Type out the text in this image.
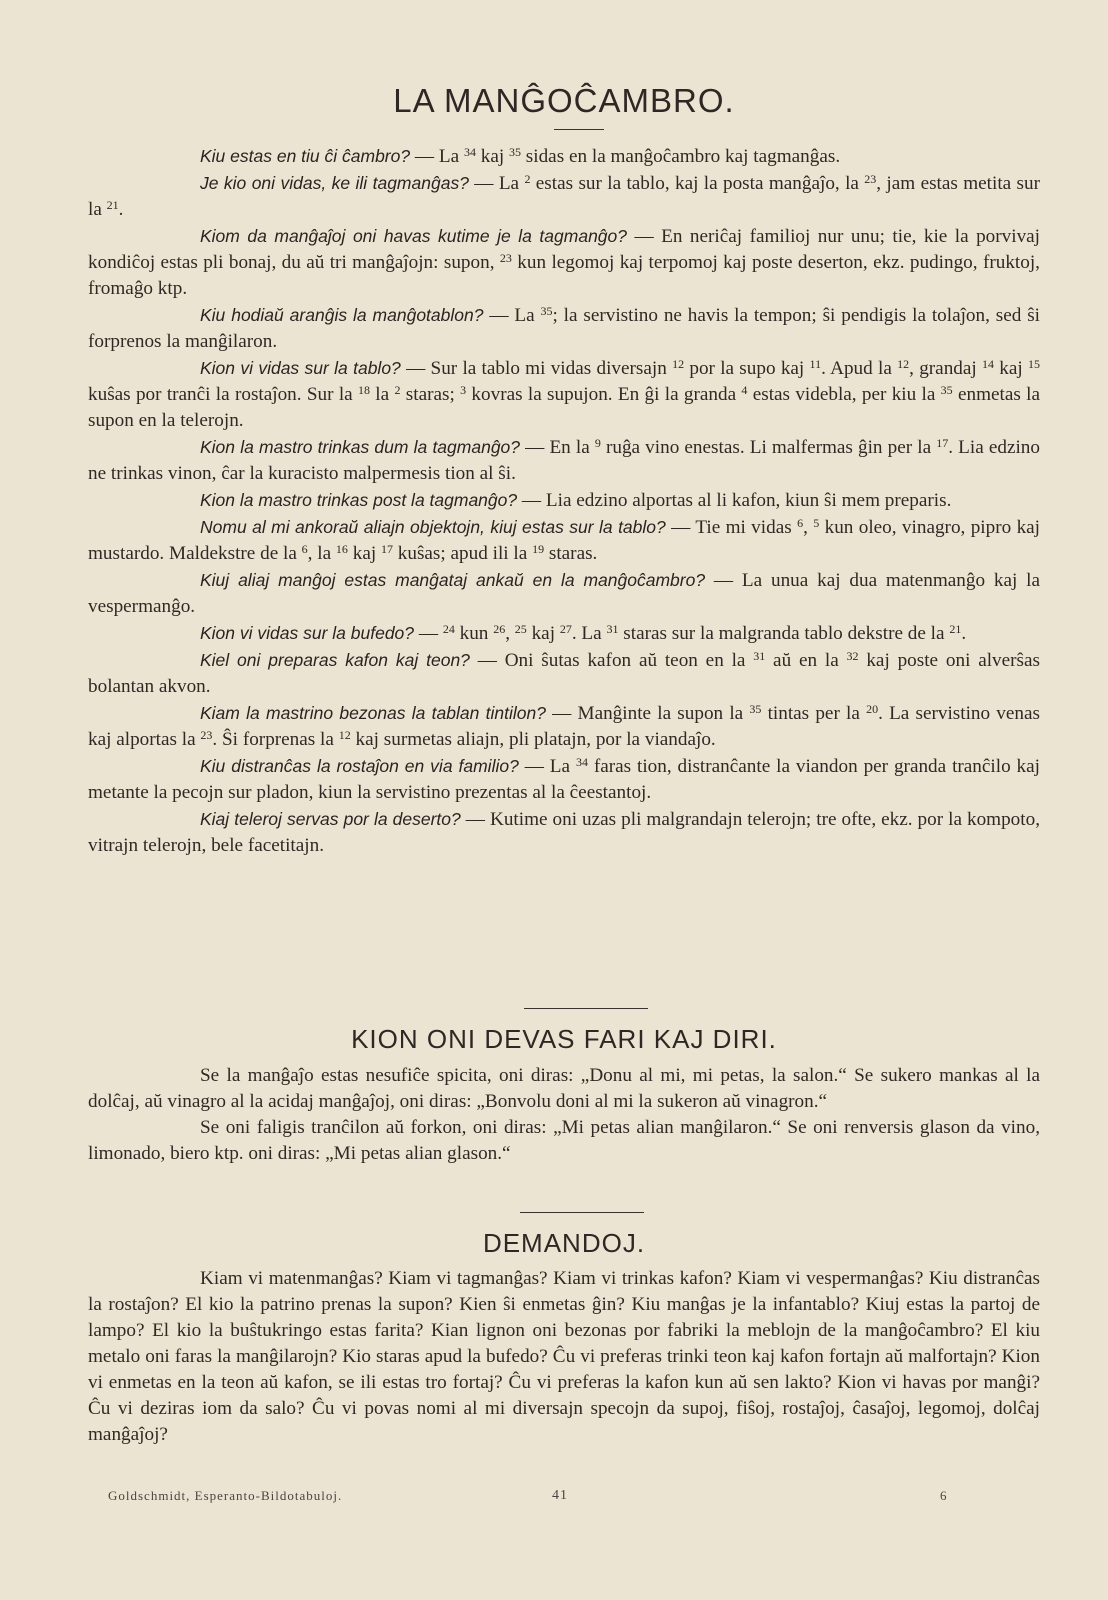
LA MANĜOĈAMBRO.

Kiu estas en tiu ĉi ĉambro? — La $^{34}$ kaj $^{35}$ sidas en la manĝoĉambro kaj tagmanĝas.

Je kio oni vidas, ke ili tagmanĝas? — La $^2$ estas sur la tablo, kaj la posta manĝaĵo, la $^{23}$, jam estas metita sur la $^{21}$.

Kiom da manĝaĵoj oni havas kutime je la tagmanĝo? — En neriĉaj familioj nur unu; tie, kie la porvivaj kondiĉoj estas pli bonaj, du aŭ tri manĝaĵojn: supon, $^{23}$ kun legomoj kaj terpomoj kaj poste deserton, ekz. pudingo, fruktoj, fromaĝo ktp.

Kiu hodiaŭ aranĝis la manĝotablon? — La $^{35}$; la servistino ne havis la tempon; ŝi pendigis la tolaĵon, sed ŝi forprenos la manĝilaron.

Kion vi vidas sur la tablo? — Sur la tablo mi vidas diversajn $^{12}$ por la supo kaj $^{11}$. Apud la $^{12}$, grandaj $^{14}$ kaj $^{15}$ kuŝas por tranĉi la rostaĵon. Sur la $^{18}$ la $^2$ staras; $^3$ kovras la supujon. En ĝi la granda $^4$ estas videbla, per kiu la $^{35}$ enmetas la supon en la telerojn.

Kion la mastro trinkas dum la tagmanĝo? — En la $^9$ ruĝa vino enestas. Li malfermas ĝin per la $^{17}$. Lia edzino ne trinkas vinon, ĉar la kuracisto malpermesis tion al ŝi.

Kion la mastro trinkas post la tagmanĝo? — Lia edzino alportas al li kafon, kiun ŝi mem preparis.

Nomu al mi ankoraŭ aliajn objektojn, kiuj estas sur la tablo? — Tie mi vidas $^6$, $^5$ kun oleo, vinagro, pipro kaj mustardo. Maldekstre de la $^6$, la $^{16}$ kaj $^{17}$ kuŝas; apud ili la $^{19}$ staras.

Kiuj aliaj manĝoj estas manĝataj ankaŭ en la manĝoĉambro? — La unua kaj dua matenmanĝo kaj la vespermanĝo.

Kion vi vidas sur la bufedo? — $^{24}$ kun $^{26}$, $^{25}$ kaj $^{27}$. La $^{31}$ staras sur la malgranda tablo dekstre de la $^{21}$.

Kiel oni preparas kafon kaj teon? — Oni ŝutas kafon aŭ teon en la $^{31}$ aŭ en la $^{32}$ kaj poste oni alverŝas bolantan akvon.

Kiam la mastrino bezonas la tablan tintilon? — Manĝinte la supon la $^{35}$ tintas per la $^{20}$. La servistino venas kaj alportas la $^{23}$. Ŝi forprenas la $^{12}$ kaj surmetas aliajn, pli platajn, por la viandaĵo.

Kiu distranĉas la rostaĵon en via familio? — La $^{34}$ faras tion, distranĉante la viandon per granda tranĉilo kaj metante la pecojn sur pladon, kiun la servistino prezentas al la ĉeestantoj.

Kiaj teleroj servas por la deserto? — Kutime oni uzas pli malgrandajn telerojn; tre ofte, ekz. por la kompoto, vitrajn telerojn, bele facetitajn.

KION ONI DEVAS FARI KAJ DIRI.

Se la manĝaĵo estas nesufiĉe spicita, oni diras: „Donu al mi, mi petas, la salon.“ Se sukero mankas al la dolĉaj, aŭ vinagro al la acidaj manĝaĵoj, oni diras: „Bonvolu doni al mi la sukeron aŭ vinagron.“

Se oni faligis tranĉilon aŭ forkon, oni diras: „Mi petas alian manĝilaron.“ Se oni renversis glason da vino, limonado, biero ktp. oni diras: „Mi petas alian glason.“

DEMANDOJ.

Kiam vi matenmanĝas? Kiam vi tagmanĝas? Kiam vi trinkas kafon? Kiam vi vespermanĝas? Kiu distranĉas la rostaĵon? El kio la patrino prenas la supon? Kien ŝi enmetas ĝin? Kiu manĝas je la infantablo? Kiuj estas la partoj de lampo? El kio la buŝtukringo estas farita? Kian lignon oni bezonas por fabriki la meblojn de la manĝoĉambro? El kiu metalo oni faras la manĝilarojn? Kio staras apud la bufedo? Ĉu vi preferas trinki teon kaj kafon fortajn aŭ malfortajn? Kion vi enmetas en la teon aŭ kafon, se ili estas tro fortaj? Ĉu vi preferas la kafon kun aŭ sen lakto? Kion vi havas por manĝi? Ĉu vi deziras iom da salo? Ĉu vi povas nomi al mi diversajn specojn da supoj, fiŝoj, rostaĵoj, ĉasaĵoj, legomoj, dolĉaj manĝaĵoj?

Goldschmidt, Esperanto-Bildotabuloj.	41	6
